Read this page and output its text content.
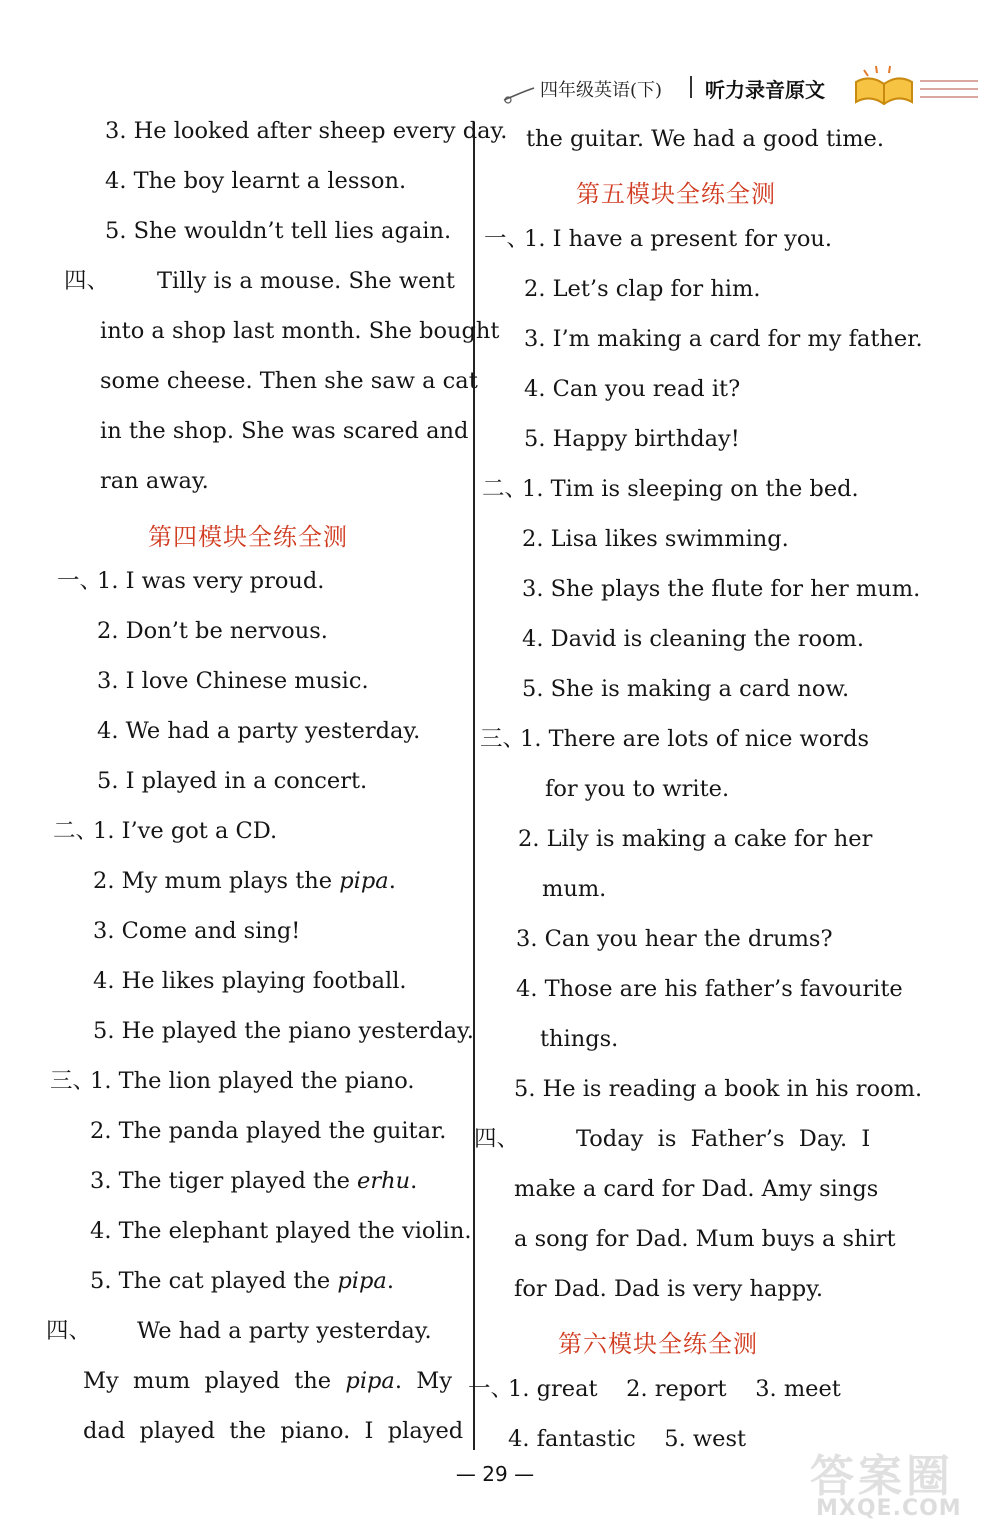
四年级英语(下) 听力录音原文
3. He looked after sheep every day.
4. The boy learnt a lesson.
5. She wouldn’t tell lies again.
四、 Tilly is a mouse. She went
into a shop last month. She bought
some cheese. Then she saw a cat
in the shop. She was scared and
ran away.
第四模块全练全测
一、
1. I was very proud.
2. Don’t be nervous.
3. I love Chinese music.
4. We had a party yesterday.
5. I played in a concert.
二、
1. I’ve got a CD.
2. My mum plays the pipa.
3. Come and sing!
4. He likes playing football.
5. He played the piano yesterday.
三、
1. The lion played the piano.
2. The panda played the guitar.
3. The tiger played the erhu.
4. The elephant played the violin.
5. The cat played the pipa.
四、 We had a party yesterday.
My  mum  played  the  pipa.  My
dad  played  the  piano.  I  played
the guitar. We had a good time.
第五模块全练全测
一、
1. I have a present for you.
2. Let’s clap for him.
3. I’m making a card for my father.
4. Can you read it?
5. Happy birthday!
二、
1. Tim is sleeping on the bed.
2. Lisa likes swimming.
3. She plays the flute for her mum.
4. David is cleaning the room.
5. She is making a card now.
三、
1. There are lots of nice words
for you to write.
2. Lily is making a cake for her
mum.
3. Can you hear the drums?
4. Those are his father’s favourite
things.
5. He is reading a book in his room.
四、	Today  is  Father’s  Day.  I
make a card for Dad. Amy sings
a song for Dad. Mum buys a shirt
for Dad. Dad is very happy.
第六模块全练全测
一、
1. great    2. report    3. meet
4. fantastic    5. west
— 29 —	答案圈
MXQE.COM
